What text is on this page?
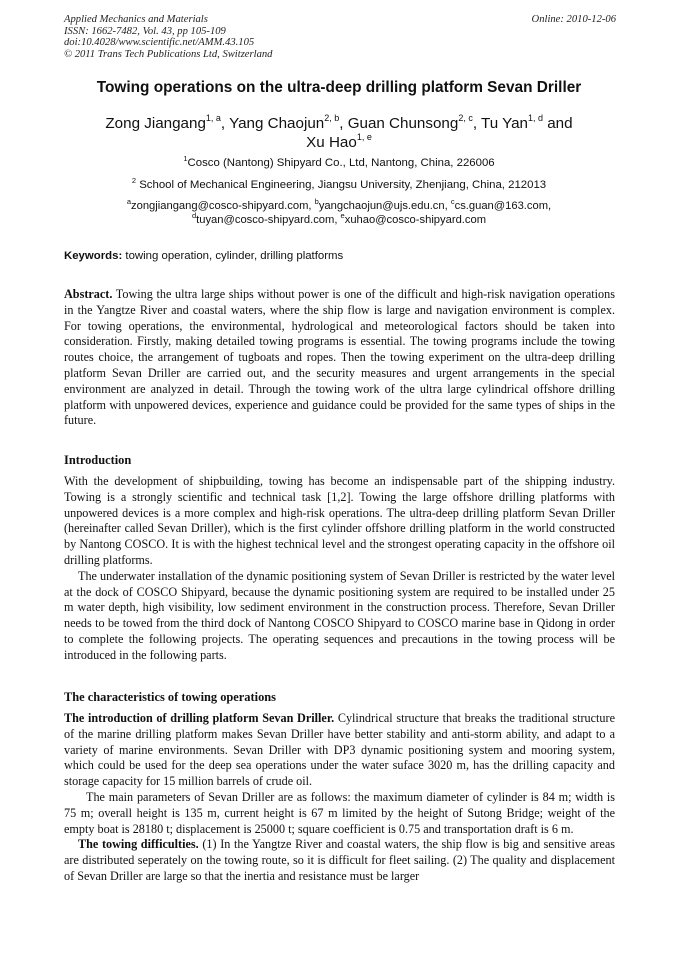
Applied Mechanics and Materials
ISSN: 1662-7482, Vol. 43, pp 105-109
doi:10.4028/www.scientific.net/AMM.43.105
© 2011 Trans Tech Publications Ltd, Switzerland
Online: 2010-12-06
Towing operations on the ultra-deep drilling platform Sevan Driller
Zong Jiangang$^{1, a}$, Yang Chaojun$^{2, b}$, Guan Chunsong$^{2, c}$, Tu Yan$^{1, d}$ and
Xu Hao$^{1, e}$
$^1$Cosco (Nantong) Shipyard Co., Ltd, Nantong, China, 226006
$^2$ School of Mechanical Engineering, Jiangsu University, Zhenjiang, China, 212013
$^a$zongjiangang@cosco-shipyard.com, $^b$yangchaojun@ujs.edu.cn, $^c$cs.guan@163.com,
$^d$tuyan@cosco-shipyard.com, $^e$xuhao@cosco-shipyard.com
Keywords: towing operation, cylinder, drilling platforms
Abstract. Towing the ultra large ships without power is one of the difficult and high-risk navigation operations in the Yangtze River and coastal waters, where the ship flow is large and navigation environment is complex. For towing operations, the environmental, hydrological and meteorological factors should be taken into consideration. Firstly, making detailed towing programs is essential. The towing programs include the towing routes choice, the arrangement of tugboats and ropes. Then the towing experiment on the ultra-deep drilling platform Sevan Driller are carried out, and the security measures and urgent arrangements in the special environment are analyzed in detail. Through the towing work of the ultra large cylindrical offshore drilling platform with unpowered devices, experience and guidance could be provided for the same types of ships in the future.
Introduction
With the development of shipbuilding, towing has become an indispensable part of the shipping industry. Towing is a strongly scientific and technical task [1,2]. Towing the large offshore drilling platforms with unpowered devices is a more complex and high-risk operations. The ultra-deep drilling platform Sevan Driller (hereinafter called Sevan Driller), which is the first cylinder offshore drilling platform in the world constructed by Nantong COSCO. It is with the highest technical level and the strongest operating capacity in the offshore oil drilling platforms.
The underwater installation of the dynamic positioning system of Sevan Driller is restricted by the water level at the dock of COSCO Shipyard, because the dynamic positioning system are required to be installed under 25 m water depth, high visibility, low sediment environment in the construction process. Therefore, Sevan Driller needs to be towed from the third dock of Nantong COSCO Shipyard to COSCO marine base in Qidong in order to complete the following projects. The operating sequences and precautions in the towing process will be introduced in the following parts.
The characteristics of towing operations
The introduction of drilling platform Sevan Driller. Cylindrical structure that breaks the traditional structure of the marine drilling platform makes Sevan Driller have better stability and anti-storm ability, and adapt to a variety of marine environments. Sevan Driller with DP3 dynamic positioning system and mooring system, which could be used for the deep sea operations under the water suface 3020 m, has the drilling capacity and storage capacity for 15 million barrels of crude oil.
The main parameters of Sevan Driller are as follows: the maximum diameter of cylinder is 84 m; width is 75 m; overall height is 135 m, current height is 67 m limited by the height of Sutong Bridge; weight of the empty boat is 28180 t; displacement is 25000 t; square coefficient is 0.75 and transportation draft is 6 m.
The towing difficulties. (1) In the Yangtze River and coastal waters, the ship flow is big and sensitive areas are distributed seperately on the towing route, so it is difficult for fleet sailing. (2) The quality and displacement of Sevan Driller are large so that the inertia and resistance must be larger
